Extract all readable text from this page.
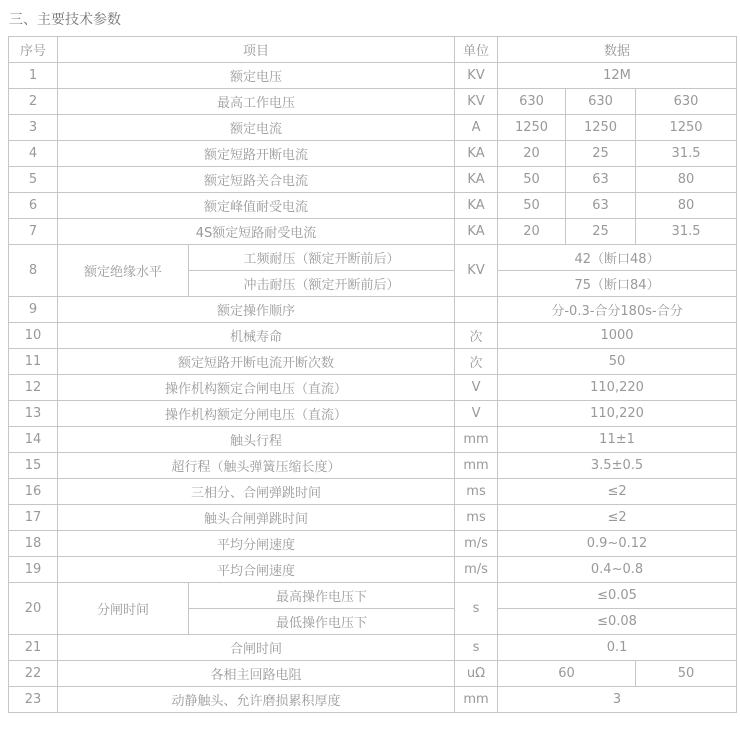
三、主要技术参数

序号	项目		单位	数据		
1	额定电压		KV	12M		
2	最高工作电压		KV	630	630	630
3	额定电流		A	1250	1250	1250
4	额定短路开断电流		KA	20	25	31.5
5	额定短路关合电流		KA	50	63	80
6	额定峰值耐受电流		KA	50	63	80
7	4S额定短路耐受电流		KA	20	25	31.5
8	额定绝缘水平	工频耐压（额定开断前后）	KV	42（断口48）		
		冲击耐压（额定开断前后）		75（断口84）		
9	额定操作顺序			分-0.3-合分180s-合分		
10	机械寿命		次	1000		
11	额定短路开断电流开断次数		次	50		
12	操作机构额定合闸电压（直流）		V	110,220		
13	操作机构额定分闸电压（直流）		V	110,220		
14	触头行程		mm	11±1		
15	超行程（触头弹簧压缩长度）		mm	3.5±0.5		
16	三相分、合闸弹跳时间		ms	≤2		
17	触头合闸弹跳时间		ms	≤2		
18	平均分闸速度		m/s	0.9~0.12		
19	平均合闸速度		m/s	0.4~0.8		
20	分闸时间	最高操作电压下	s	≤0.05		
		最低操作电压下		≤0.08		
21	合闸时间		s	0.1		
22	各相主回路电阻		uΩ	60		50
23	动静触头、允许磨损累积厚度		mm	3		
